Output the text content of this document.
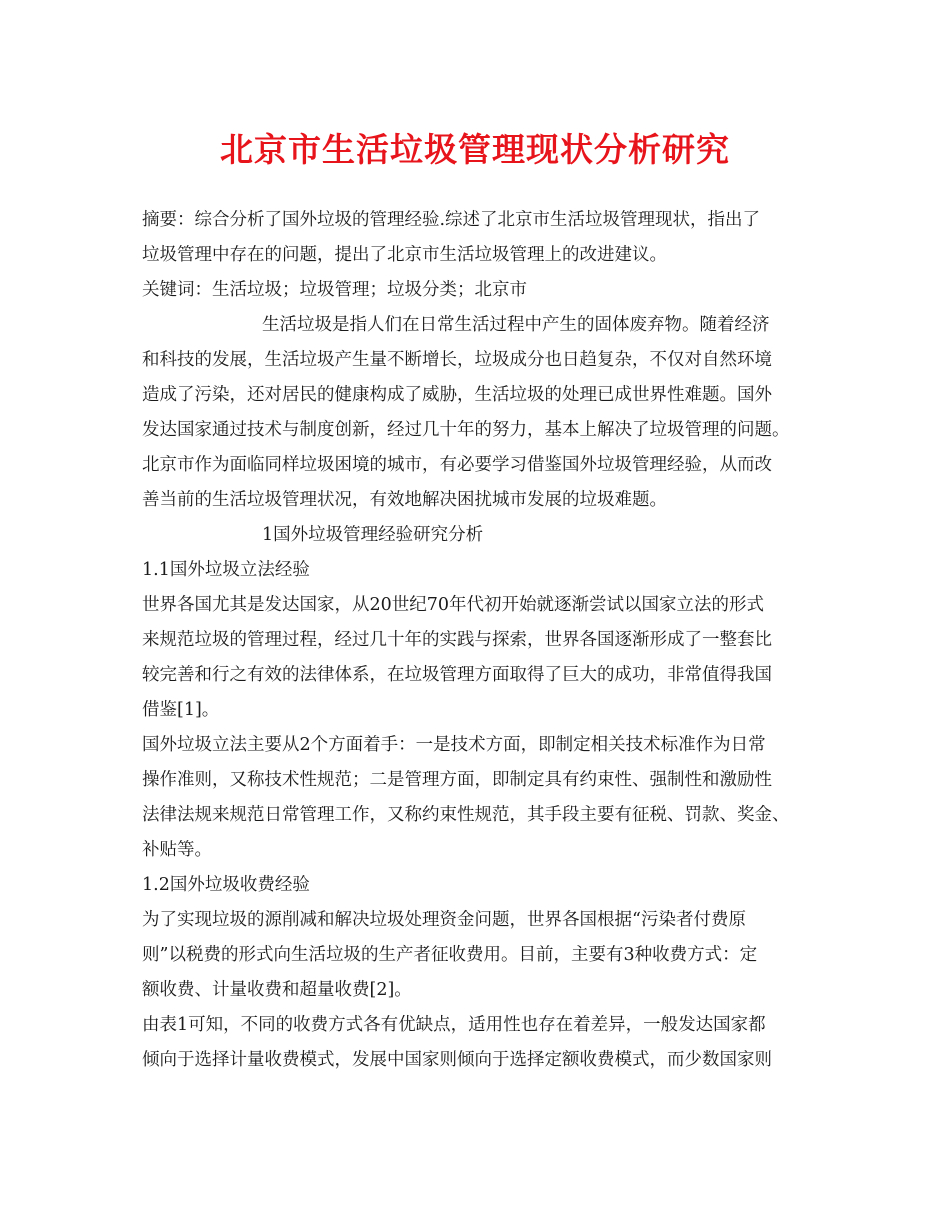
北京市生活垃圾管理现状分析研究
摘要：综合分析了国外垃圾的管理经验.综述了北京市生活垃圾管理现状，指出了
垃圾管理中存在的问题，提出了北京市生活垃圾管理上的改进建议。
关键词：生活垃圾；垃圾管理；垃圾分类；北京市
生活垃圾是指人们在日常生活过程中产生的固体废弃物。随着经济
和科技的发展，生活垃圾产生量不断增长，垃圾成分也日趋复杂，不仅对自然环境
造成了污染，还对居民的健康构成了威胁，生活垃圾的处理已成世界性难题。国外
发达国家通过技术与制度创新，经过几十年的努力，基本上解决了垃圾管理的问题。
北京市作为面临同样垃圾困境的城市，有必要学习借鉴国外垃圾管理经验，从而改
善当前的生活垃圾管理状况，有效地解决困扰城市发展的垃圾难题。
1国外垃圾管理经验研究分析
1.1国外垃圾立法经验
世界各国尤其是发达国家，从20世纪70年代初开始就逐渐尝试以国家立法的形式
来规范垃圾的管理过程，经过几十年的实践与探索，世界各国逐渐形成了一整套比
较完善和行之有效的法律体系，在垃圾管理方面取得了巨大的成功，非常值得我国
借鉴[1]。
国外垃圾立法主要从2个方面着手：一是技术方面，即制定相关技术标准作为日常
操作准则，又称技术性规范；二是管理方面，即制定具有约束性、强制性和激励性
法律法规来规范日常管理工作，又称约束性规范，其手段主要有征税、罚款、奖金、
补贴等。
1.2国外垃圾收费经验
为了实现垃圾的源削减和解决垃圾处理资金问题，世界各国根据“污染者付费原
则”以税费的形式向生活垃圾的生产者征收费用。目前，主要有3种收费方式：定
额收费、计量收费和超量收费[2]。
由表1可知，不同的收费方式各有优缺点，适用性也存在着差异，一般发达国家都
倾向于选择计量收费模式，发展中国家则倾向于选择定额收费模式，而少数国家则
